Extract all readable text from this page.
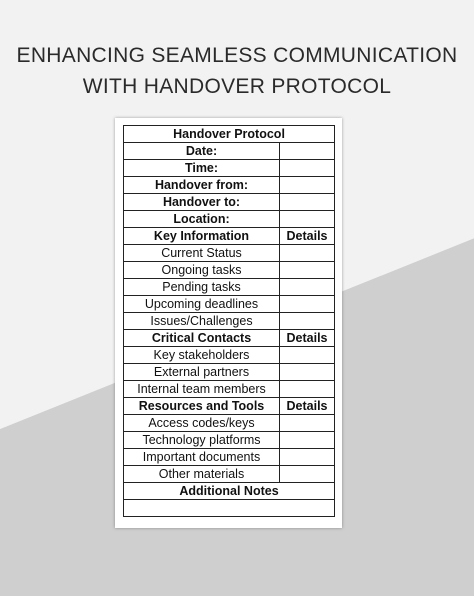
ENHANCING SEAMLESS COMMUNICATION
WITH HANDOVER PROTOCOL
Handover Protocol	
Date:	
Time:	
Handover from:	
Handover to:	
Location:	
Key Information	Details
Current Status	
Ongoing tasks	
Pending tasks	
Upcoming deadlines	
Issues/Challenges	
Critical Contacts	Details
Key stakeholders	
External partners	
Internal team members	
Resources and Tools	Details
Access codes/keys	
Technology platforms	
Important documents	
Other materials	
Additional Notes	
